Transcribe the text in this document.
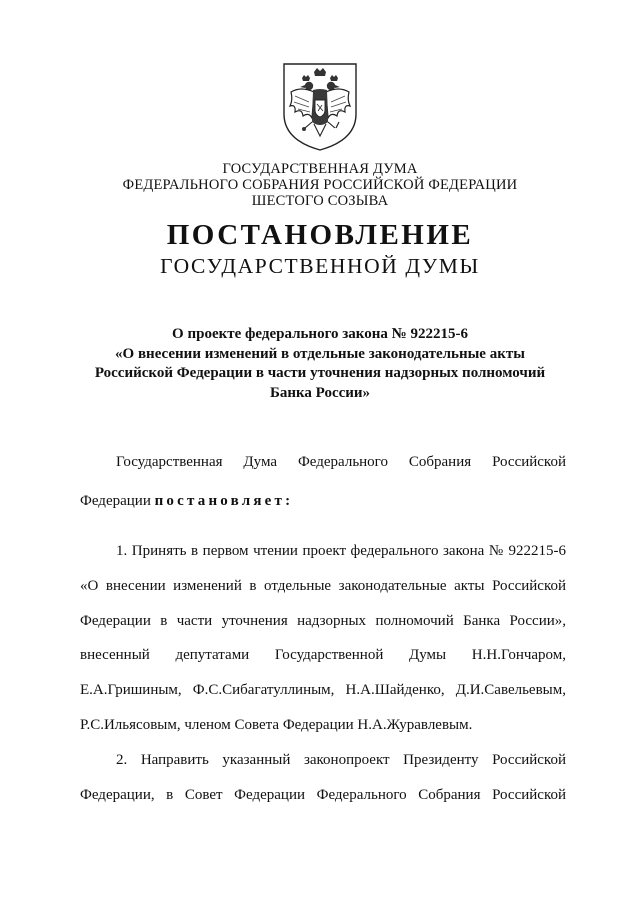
ГОСУДАРСТВЕННАЯ ДУМА
ФЕДЕРАЛЬНОГО СОБРАНИЯ РОССИЙСКОЙ ФЕДЕРАЦИИ
ШЕСТОГО СОЗЫВА
ПОСТАНОВЛЕНИЕ
ГОСУДАРСТВЕННОЙ ДУМЫ
О проекте федерального закона № 922215-6
«О внесении изменений в отдельные законодательные акты
Российской Федерации в части уточнения надзорных полномочий
Банка России»
Государственная Дума Федерального Собрания Российской
Федерации постановляет:
1. Принять в первом чтении проект федерального закона № 922215-6
«О внесении изменений в отдельные законодательные акты Российской
Федерации в части уточнения надзорных полномочий Банка России»,
внесенный депутатами Государственной Думы Н.Н.Гончаром,
Е.А.Гришиным, Ф.С.Сибагатуллиным, Н.А.Шайденко, Д.И.Савельевым,
Р.С.Ильясовым, членом Совета Федерации Н.А.Журавлевым.
2. Направить указанный законопроект Президенту Российской
Федерации, в Совет Федерации Федерального Собрания Российской
